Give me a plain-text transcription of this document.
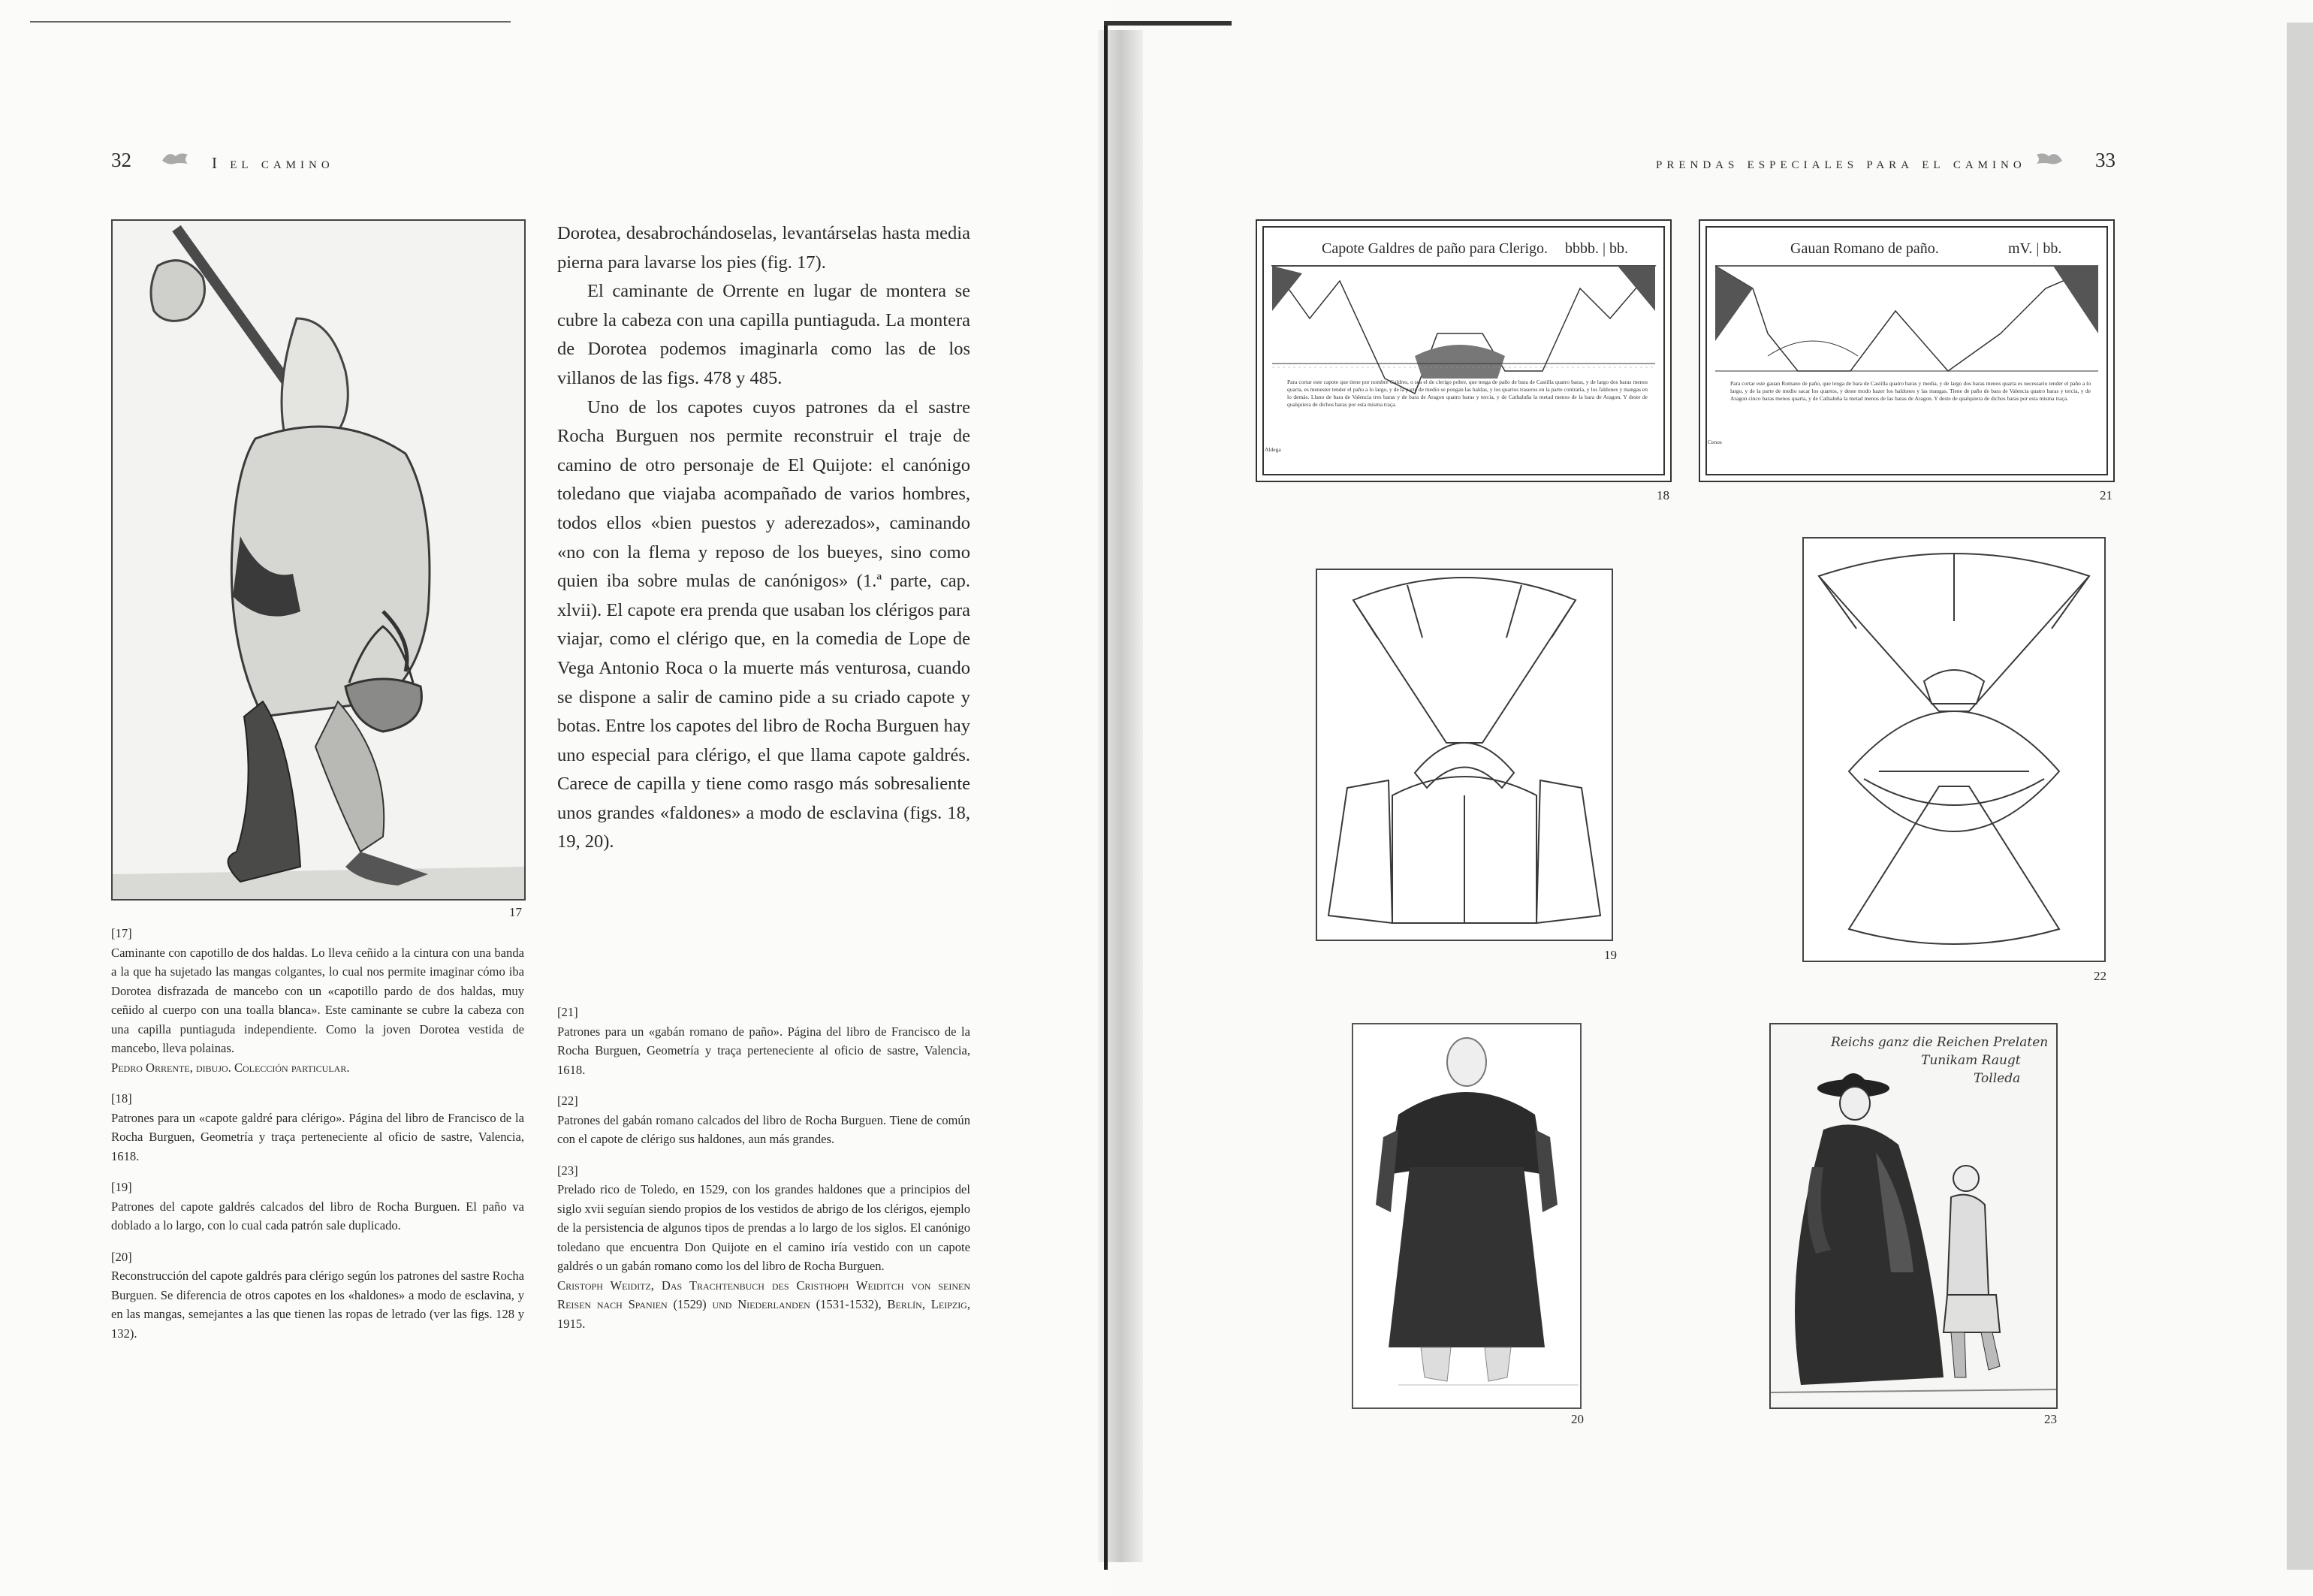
32	I el camino
17

Dorotea, desabrochándoselas, levantárselas hasta media pierna para lavarse los pies (fig. 17).

El caminante de Orrente en lugar de montera se cubre la cabeza con una capilla puntiaguda. La montera de Dorotea podemos imaginarla como las de los villanos de las figs. 478 y 485.

Uno de los capotes cuyos patrones da el sastre Rocha Burguen nos permite reconstruir el traje de camino de otro personaje de El Quijote: el canónigo toledano que viajaba acompañado de varios hombres, todos ellos «bien puestos y aderezados», caminando «no con la flema y reposo de los bueyes, sino como quien iba sobre mulas de canónigos» (1.ª parte, cap. xlvii). El capote era prenda que usaban los clérigos para viajar, como el clérigo que, en la comedia de Lope de Vega Antonio Roca o la muerte más venturosa, cuando se dispone a salir de camino pide a su criado capote y botas. Entre los capotes del libro de Rocha Burguen hay uno especial para clérigo, el que llama capote galdrés. Carece de capilla y tiene como rasgo más sobresaliente unos grandes «faldones» a modo de esclavina (figs. 18, 19, 20).

[17]

Caminante con capotillo de dos haldas. Lo lleva ceñido a la cintura con una banda a la que ha sujetado las mangas colgantes, lo cual nos permite imaginar cómo iba Dorotea disfrazada de mancebo con un «capotillo pardo de dos haldas, muy ceñido al cuerpo con una toalla blanca». Este caminante se cubre la cabeza con una capilla puntiaguda independiente. Como la joven Dorotea vestida de mancebo, lleva polainas.

Pedro Orrente, dibujo. Colección particular.

[18]

Patrones para un «capote galdré para clérigo». Página del libro de Francisco de la Rocha Burguen, Geometría y traça perteneciente al oficio de sastre, Valencia, 1618.

[19]

Patrones del capote galdrés calcados del libro de Rocha Burguen. El paño va doblado a lo largo, con lo cual cada patrón sale duplicado.

[20]

Reconstrucción del capote galdrés para clérigo según los patrones del sastre Rocha Burguen. Se diferencia de otros capotes en los «haldones» a modo de esclavina, y en las mangas, semejantes a las que tienen las ropas de letrado (ver las figs. 128 y 132).

[21]

Patrones para un «gabán romano de paño». Página del libro de Francisco de la Rocha Burguen, Geometría y traça perteneciente al oficio de sastre, Valencia, 1618.

[22]

Patrones del gabán romano calcados del libro de Rocha Burguen. Tiene de común con el capote de clérigo sus haldones, aun más grandes.

[23]

Prelado rico de Toledo, en 1529, con los grandes haldones que a principios del siglo xvii seguían siendo propios de los vestidos de abrigo de los clérigos, ejemplo de la persistencia de algunos tipos de prendas a lo largo de los siglos. El canónigo toledano que encuentra Don Quijote en el camino iría vestido con un capote galdrés o un gabán romano como los del libro de Rocha Burguen.

Cristoph Weiditz, Das Trachtenbuch des Cristhoph Weiditch von seinen Reisen nach Spanien (1529) und Niederlanden (1531-1532), Berlín, Leipzig, 1915.

prendas especiales para el camino	33
Capote Galdres de paño para Clerigo. bbbb. | bb.
Para cortar este capote que tiene por nombre Galdres, o sea el de clerigo pobre, que tenga de paño de bara de Castilla quatro baras, y de largo dos baras menos quarta, es menester tender el paño a lo largo, y de la parte de medio se pongan las haldas, y los quartos traseros en la parte contraria, y los faldones y mangas en lo demás. Llano de bara de Valencia tres baras y de bara de Aragon quatro baras y tercia, y de Cathaluña la metad menos de la bara de Aragon. Y deste de qualquiera de dichos baras por esta misma traça.
Aldega
18
Gauan Romano de paño.	mV. | bb.
Para cortar este gauan Romano de paño, que tenga de bara de Castilla quatro baras y media, y de largo dos baras menos quarta es necessario tender el paño a lo largo, y de la parte de medio sacar los quartos, y deste modo hazer los haldones y las mangas. Tiene de paño de bara de Valencia quatro baras y tercia, y de Aragon cinco baras menos quarta, y de Cathaluña la metad menos de las baras de Aragon. Y deste de qualquiera de dichos baras por esta misma traça.
Cenos
21
19
22
20
Reichs ganz die Reichen Prelaten
Tunikam Raugt
Tolleda
23
